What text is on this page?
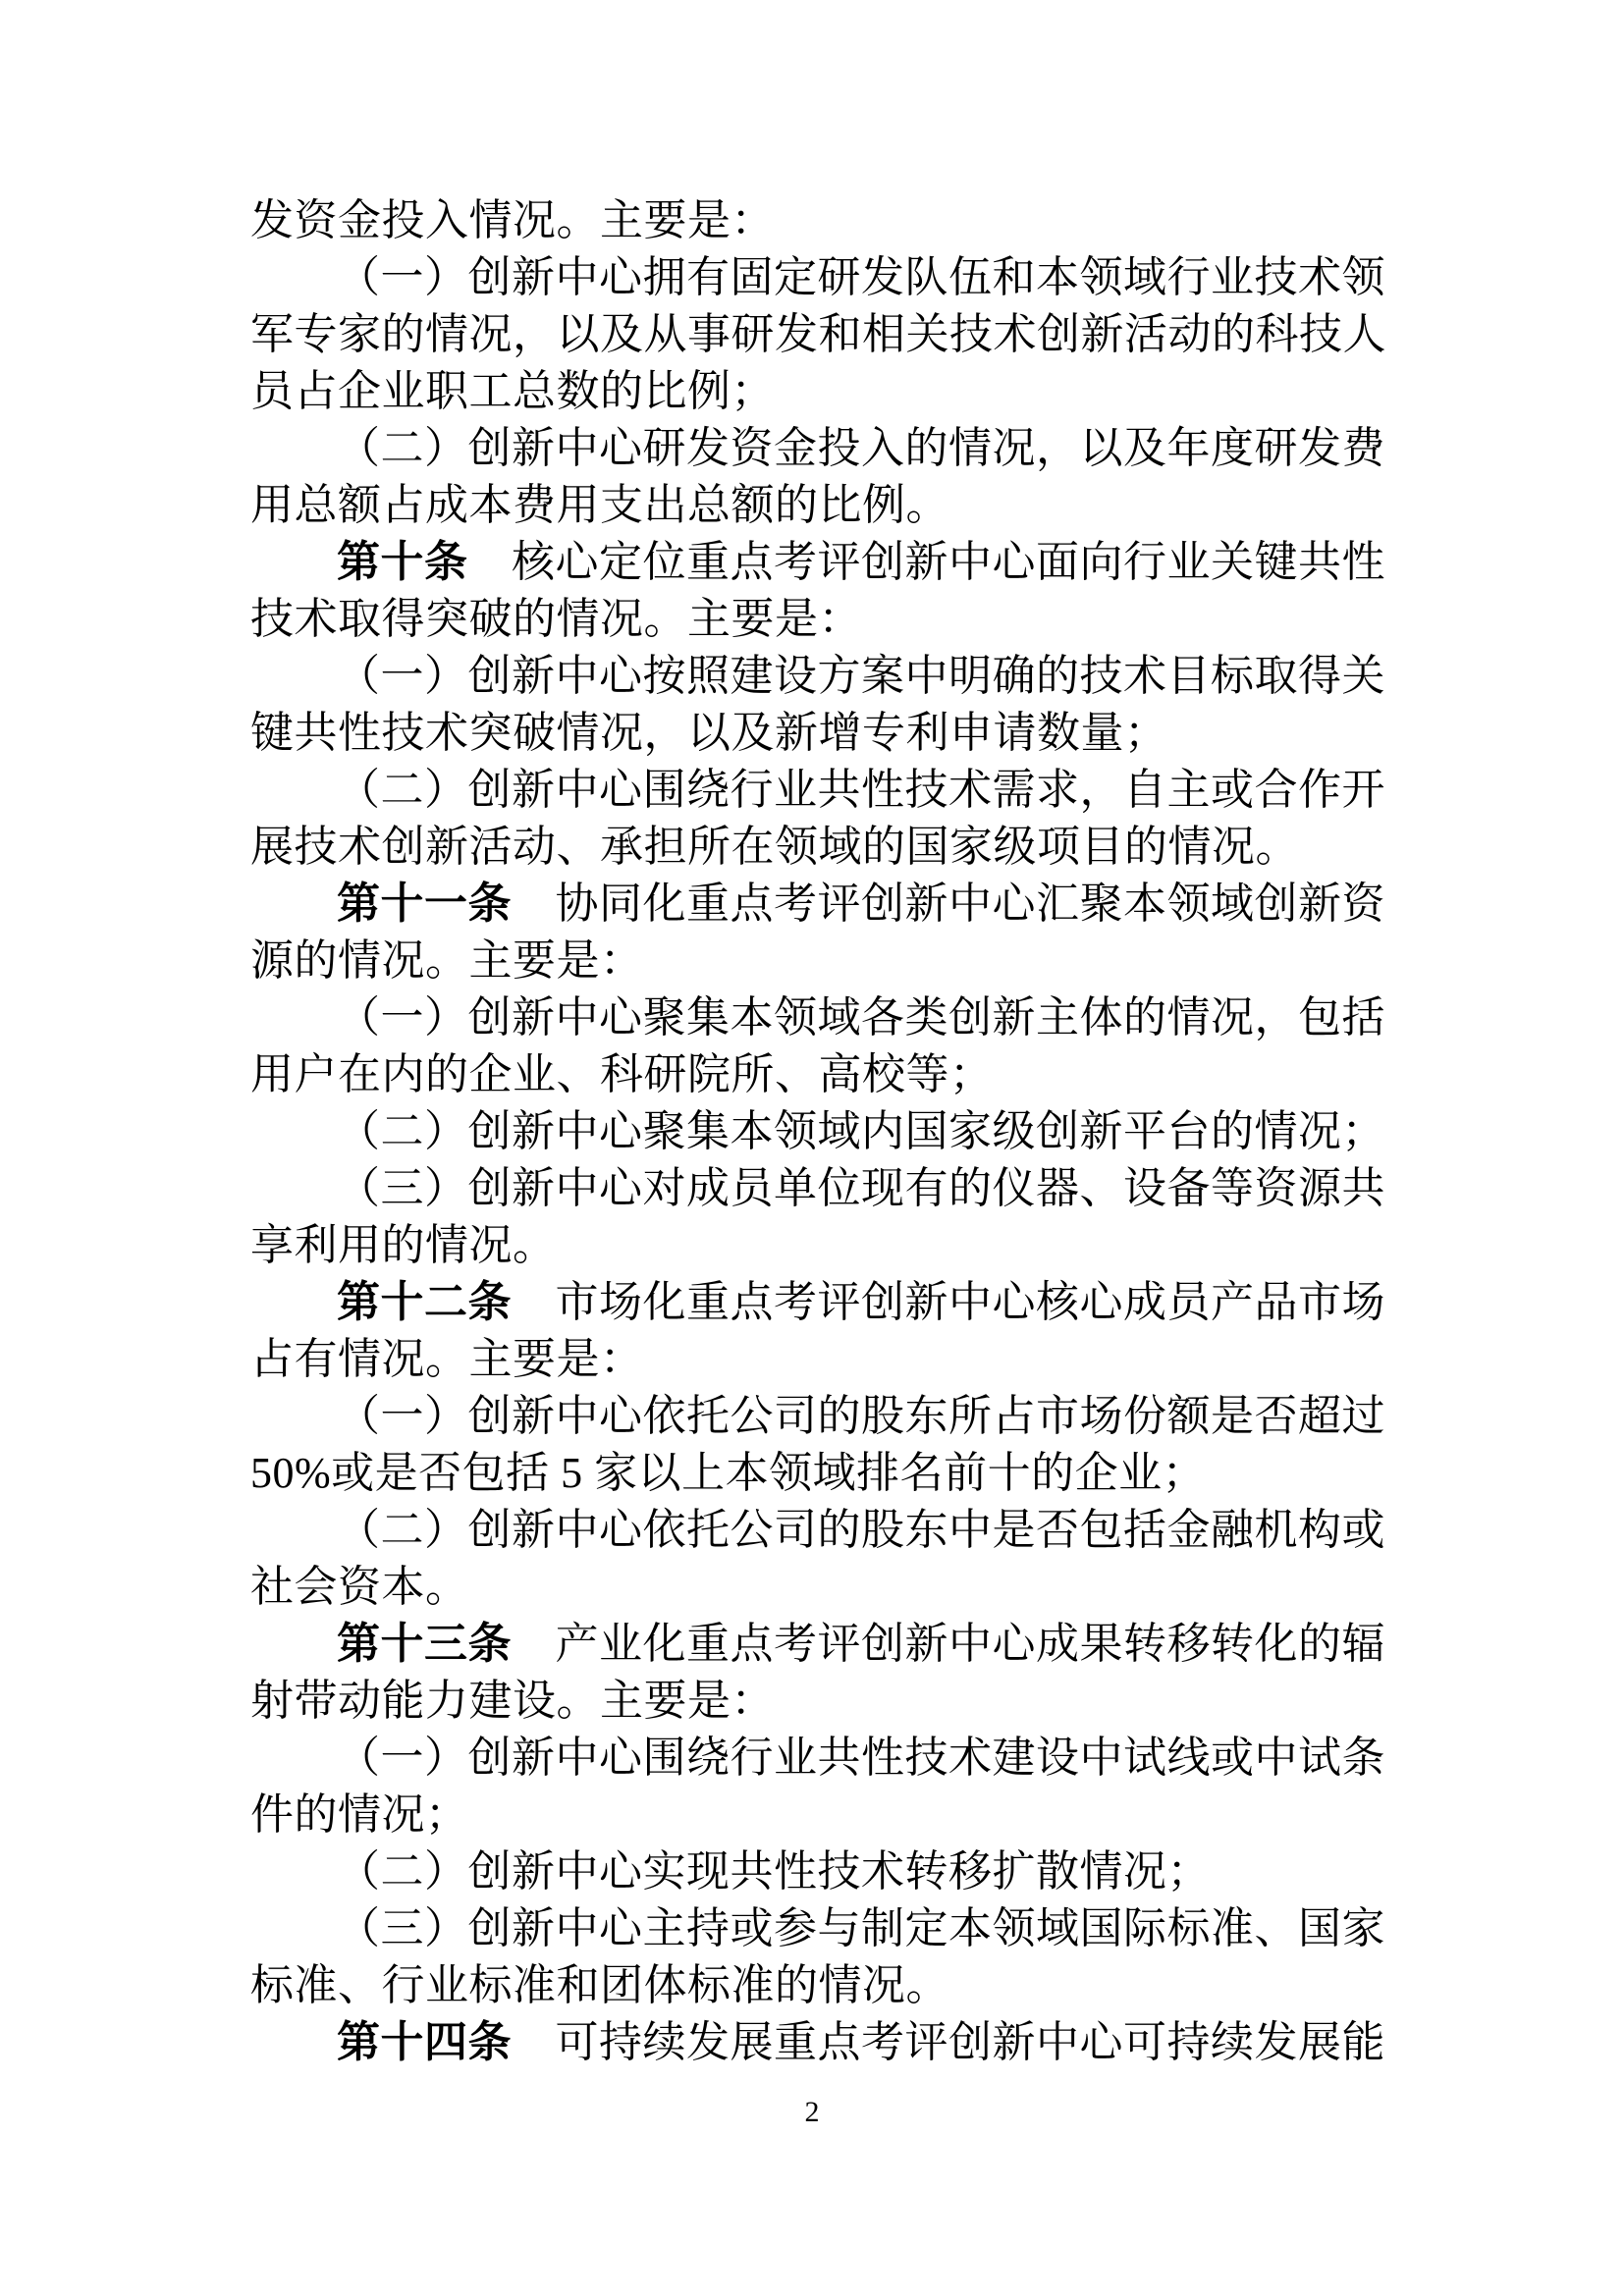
发资金投入情况。主要是：
（一）创新中心拥有固定研发队伍和本领域行业技术领
军专家的情况，以及从事研发和相关技术创新活动的科技人
员占企业职工总数的比例；
（二）创新中心研发资金投入的情况，以及年度研发费
用总额占成本费用支出总额的比例。
第十条　核心定位重点考评创新中心面向行业关键共性
技术取得突破的情况。主要是：
（一）创新中心按照建设方案中明确的技术目标取得关
键共性技术突破情况，以及新增专利申请数量；
（二）创新中心围绕行业共性技术需求，自主或合作开
展技术创新活动、承担所在领域的国家级项目的情况。
第十一条　协同化重点考评创新中心汇聚本领域创新资
源的情况。主要是：
（一）创新中心聚集本领域各类创新主体的情况，包括
用户在内的企业、科研院所、高校等；
（二）创新中心聚集本领域内国家级创新平台的情况；
（三）创新中心对成员单位现有的仪器、设备等资源共
享利用的情况。
第十二条　市场化重点考评创新中心核心成员产品市场
占有情况。主要是：
（一）创新中心依托公司的股东所占市场份额是否超过
50%或是否包括 5 家以上本领域排名前十的企业；
（二）创新中心依托公司的股东中是否包括金融机构或
社会资本。
第十三条　产业化重点考评创新中心成果转移转化的辐
射带动能力建设。主要是：
（一）创新中心围绕行业共性技术建设中试线或中试条
件的情况；
（二）创新中心实现共性技术转移扩散情况；
（三）创新中心主持或参与制定本领域国际标准、国家
标准、行业标准和团体标准的情况。
第十四条　可持续发展重点考评创新中心可持续发展能
2
